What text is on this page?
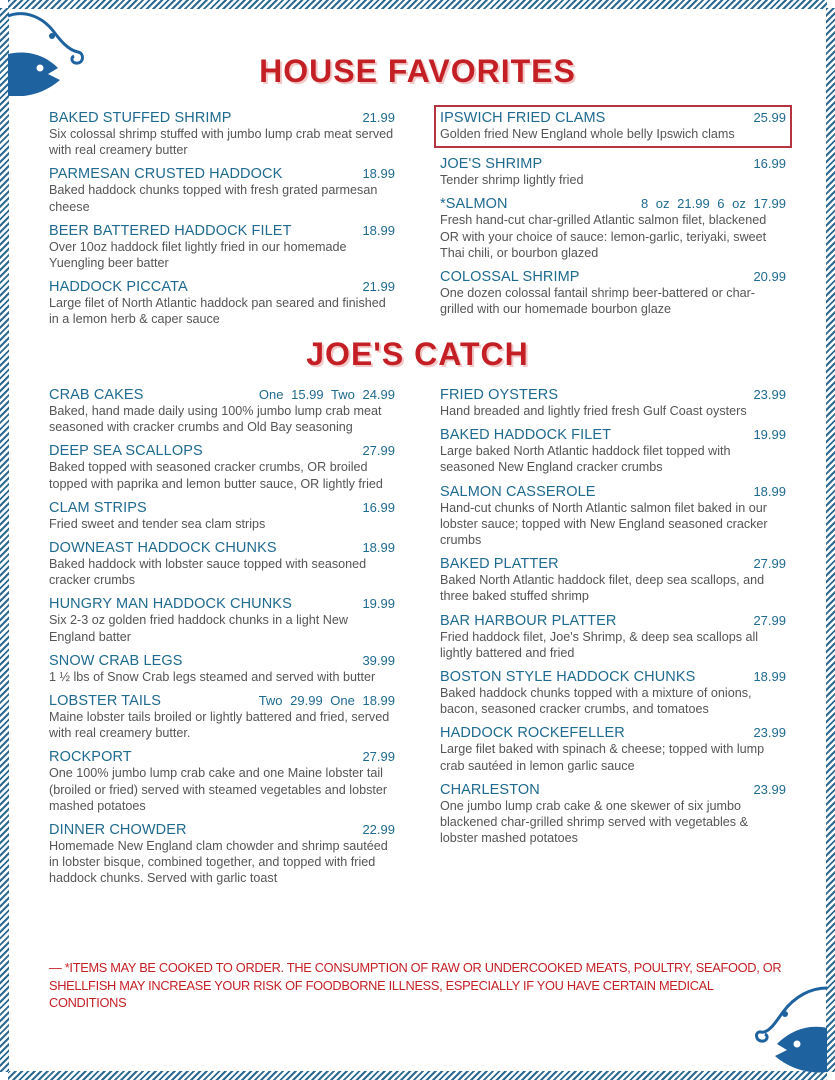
HOUSE FAVORITES
BAKED STUFFED SHRIMP	21.99
Six colossal shrimp stuffed with jumbo lump crab meat served with real creamery butter
PARMESAN CRUSTED HADDOCK	18.99
Baked haddock chunks topped with fresh grated parmesan cheese
BEER BATTERED HADDOCK FILET	18.99
Over 10oz haddock filet lightly fried in our homemade Yuengling beer batter
HADDOCK PICCATA	21.99
Large filet of North Atlantic haddock pan seared and finished in a lemon herb & caper sauce
IPSWICH FRIED CLAMS	25.99
Golden fried New England whole belly Ipswich clams
JOE'S SHRIMP	16.99
Tender shrimp lightly fried
*SALMON	8 oz 21.99 6 oz 17.99
Fresh hand-cut char-grilled Atlantic salmon filet, blackened OR with your choice of sauce: lemon-garlic, teriyaki, sweet Thai chili, or bourbon glazed
COLOSSAL SHRIMP	20.99
One dozen colossal fantail shrimp beer-battered or char-grilled with our homemade bourbon glaze
JOE'S CATCH
CRAB CAKES	One 15.99 Two 24.99
Baked, hand made daily using 100% jumbo lump crab meat seasoned with cracker crumbs and Old Bay seasoning
DEEP SEA SCALLOPS	27.99
Baked topped with seasoned cracker crumbs, OR broiled topped with paprika and lemon butter sauce, OR lightly fried
CLAM STRIPS	16.99
Fried sweet and tender sea clam strips
DOWNEAST HADDOCK CHUNKS	18.99
Baked haddock with lobster sauce topped with seasoned cracker crumbs
HUNGRY MAN HADDOCK CHUNKS	19.99
Six 2-3 oz golden fried haddock chunks in a light New England batter
SNOW CRAB LEGS	39.99
1 ½ lbs of Snow Crab legs steamed and served with butter
LOBSTER TAILS	Two 29.99 One 18.99
Maine lobster tails broiled or lightly battered and fried, served with real creamery butter.
ROCKPORT	27.99
One 100% jumbo lump crab cake and one Maine lobster tail (broiled or fried) served with steamed vegetables and lobster mashed potatoes
DINNER CHOWDER	22.99
Homemade New England clam chowder and shrimp sautéed in lobster bisque, combined together, and topped with fried haddock chunks. Served with garlic toast
FRIED OYSTERS	23.99
Hand breaded and lightly fried fresh Gulf Coast oysters
BAKED HADDOCK FILET	19.99
Large baked North Atlantic haddock filet topped with seasoned New England cracker crumbs
SALMON CASSEROLE	18.99
Hand-cut chunks of North Atlantic salmon filet baked in our lobster sauce; topped with New England seasoned cracker crumbs
BAKED PLATTER	27.99
Baked North Atlantic haddock filet, deep sea scallops, and three baked stuffed shrimp
BAR HARBOUR PLATTER	27.99
Fried haddock filet, Joe's Shrimp, & deep sea scallops all lightly battered and fried
BOSTON STYLE HADDOCK CHUNKS	18.99
Baked haddock chunks topped with a mixture of onions, bacon, seasoned cracker crumbs, and tomatoes
HADDOCK ROCKEFELLER	23.99
Large filet baked with spinach & cheese; topped with lump crab sautéed in lemon garlic sauce
CHARLESTON	23.99
One jumbo lump crab cake & one skewer of six jumbo blackened char-grilled shrimp served with vegetables & lobster mashed potatoes
— *ITEMS MAY BE COOKED TO ORDER. THE CONSUMPTION OF RAW OR UNDERCOOKED MEATS, POULTRY, SEAFOOD, OR SHELLFISH MAY INCREASE YOUR RISK OF FOODBORNE ILLNESS, ESPECIALLY IF YOU HAVE CERTAIN MEDICAL CONDITIONS
